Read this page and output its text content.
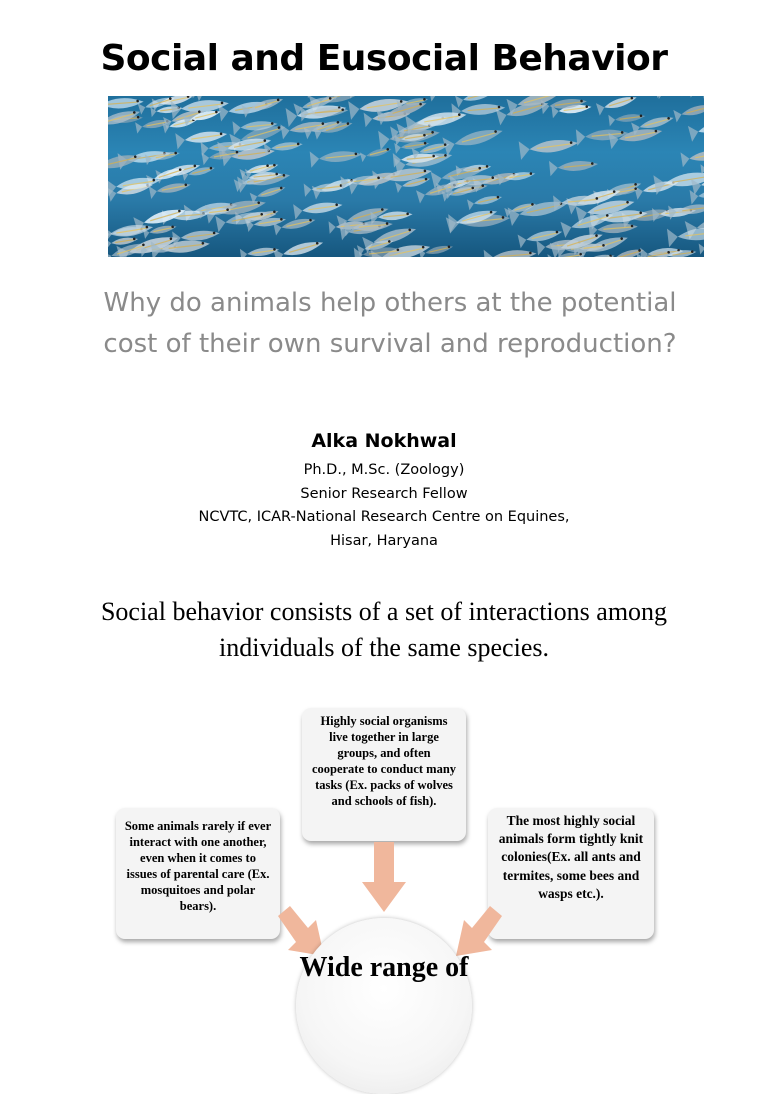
Social and Eusocial Behavior
Why do animals help others at the potential cost of their own survival and reproduction?
Alka Nokhwal
Ph.D., M.Sc. (Zoology)
Senior Research Fellow
NCVTC, ICAR-National Research Centre on Equines,
Hisar, Haryana
Social behavior consists of a set of interactions among individuals of the same species.
Highly social organisms live together in large groups, and often cooperate to conduct many tasks (Ex. packs of wolves and schools of fish).
Some animals rarely if ever interact with one another, even when it comes to issues of parental care (Ex. mosquitoes and polar bears).
The most highly social animals form tightly knit colonies(Ex. all ants and termites, some bees and wasps etc.).
Wide range of
